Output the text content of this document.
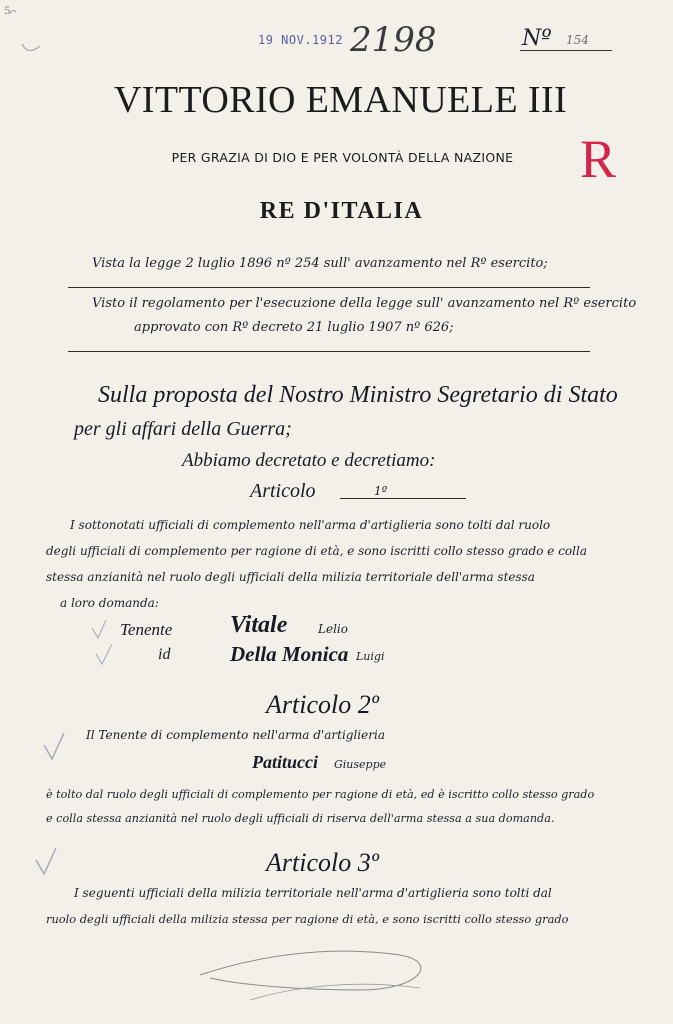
5
19 NOV.1912 2198	Nº 154
R
VITTORIO EMANUELE III
PER GRAZIA DI DIO E PER VOLONTÀ DELLA NAZIONE
RE D'ITALIA
Vista la legge 2 luglio 1896 nº 254 sull' avanzamento nel Rº esercito;
Visto il regolamento per l'esecuzione della legge sull' avanzamento nel Rº esercito
approvato con Rº decreto 21 luglio 1907 nº 626;
Sulla proposta del Nostro Ministro Segretario di Stato
per gli affari della Guerra;
Abbiamo decretato e decretiamo:
Articolo	1º
I sottonotati ufficiali di complemento nell'arma d'artiglieria sono tolti dal ruolo
degli ufficiali di complemento per ragione di età, e sono iscritti collo stesso grado e colla
stessa anzianità nel ruolo degli ufficiali della milizia territoriale dell'arma stessa
a loro domanda:
Tenente Vitale	Lelio
id	Della Monica Luigi
Articolo 2º
Il Tenente di complemento nell'arma d'artiglieria
Patitucci Giuseppe
è tolto dal ruolo degli ufficiali di complemento per ragione di età, ed è iscritto collo stesso grado
e colla stessa anzianità nel ruolo degli ufficiali di riserva dell'arma stessa a sua domanda.
Articolo 3º
I seguenti ufficiali della milizia territoriale nell'arma d'artiglieria sono tolti dal
ruolo degli ufficiali della milizia stessa per ragione di età, e sono iscritti collo stesso grado
